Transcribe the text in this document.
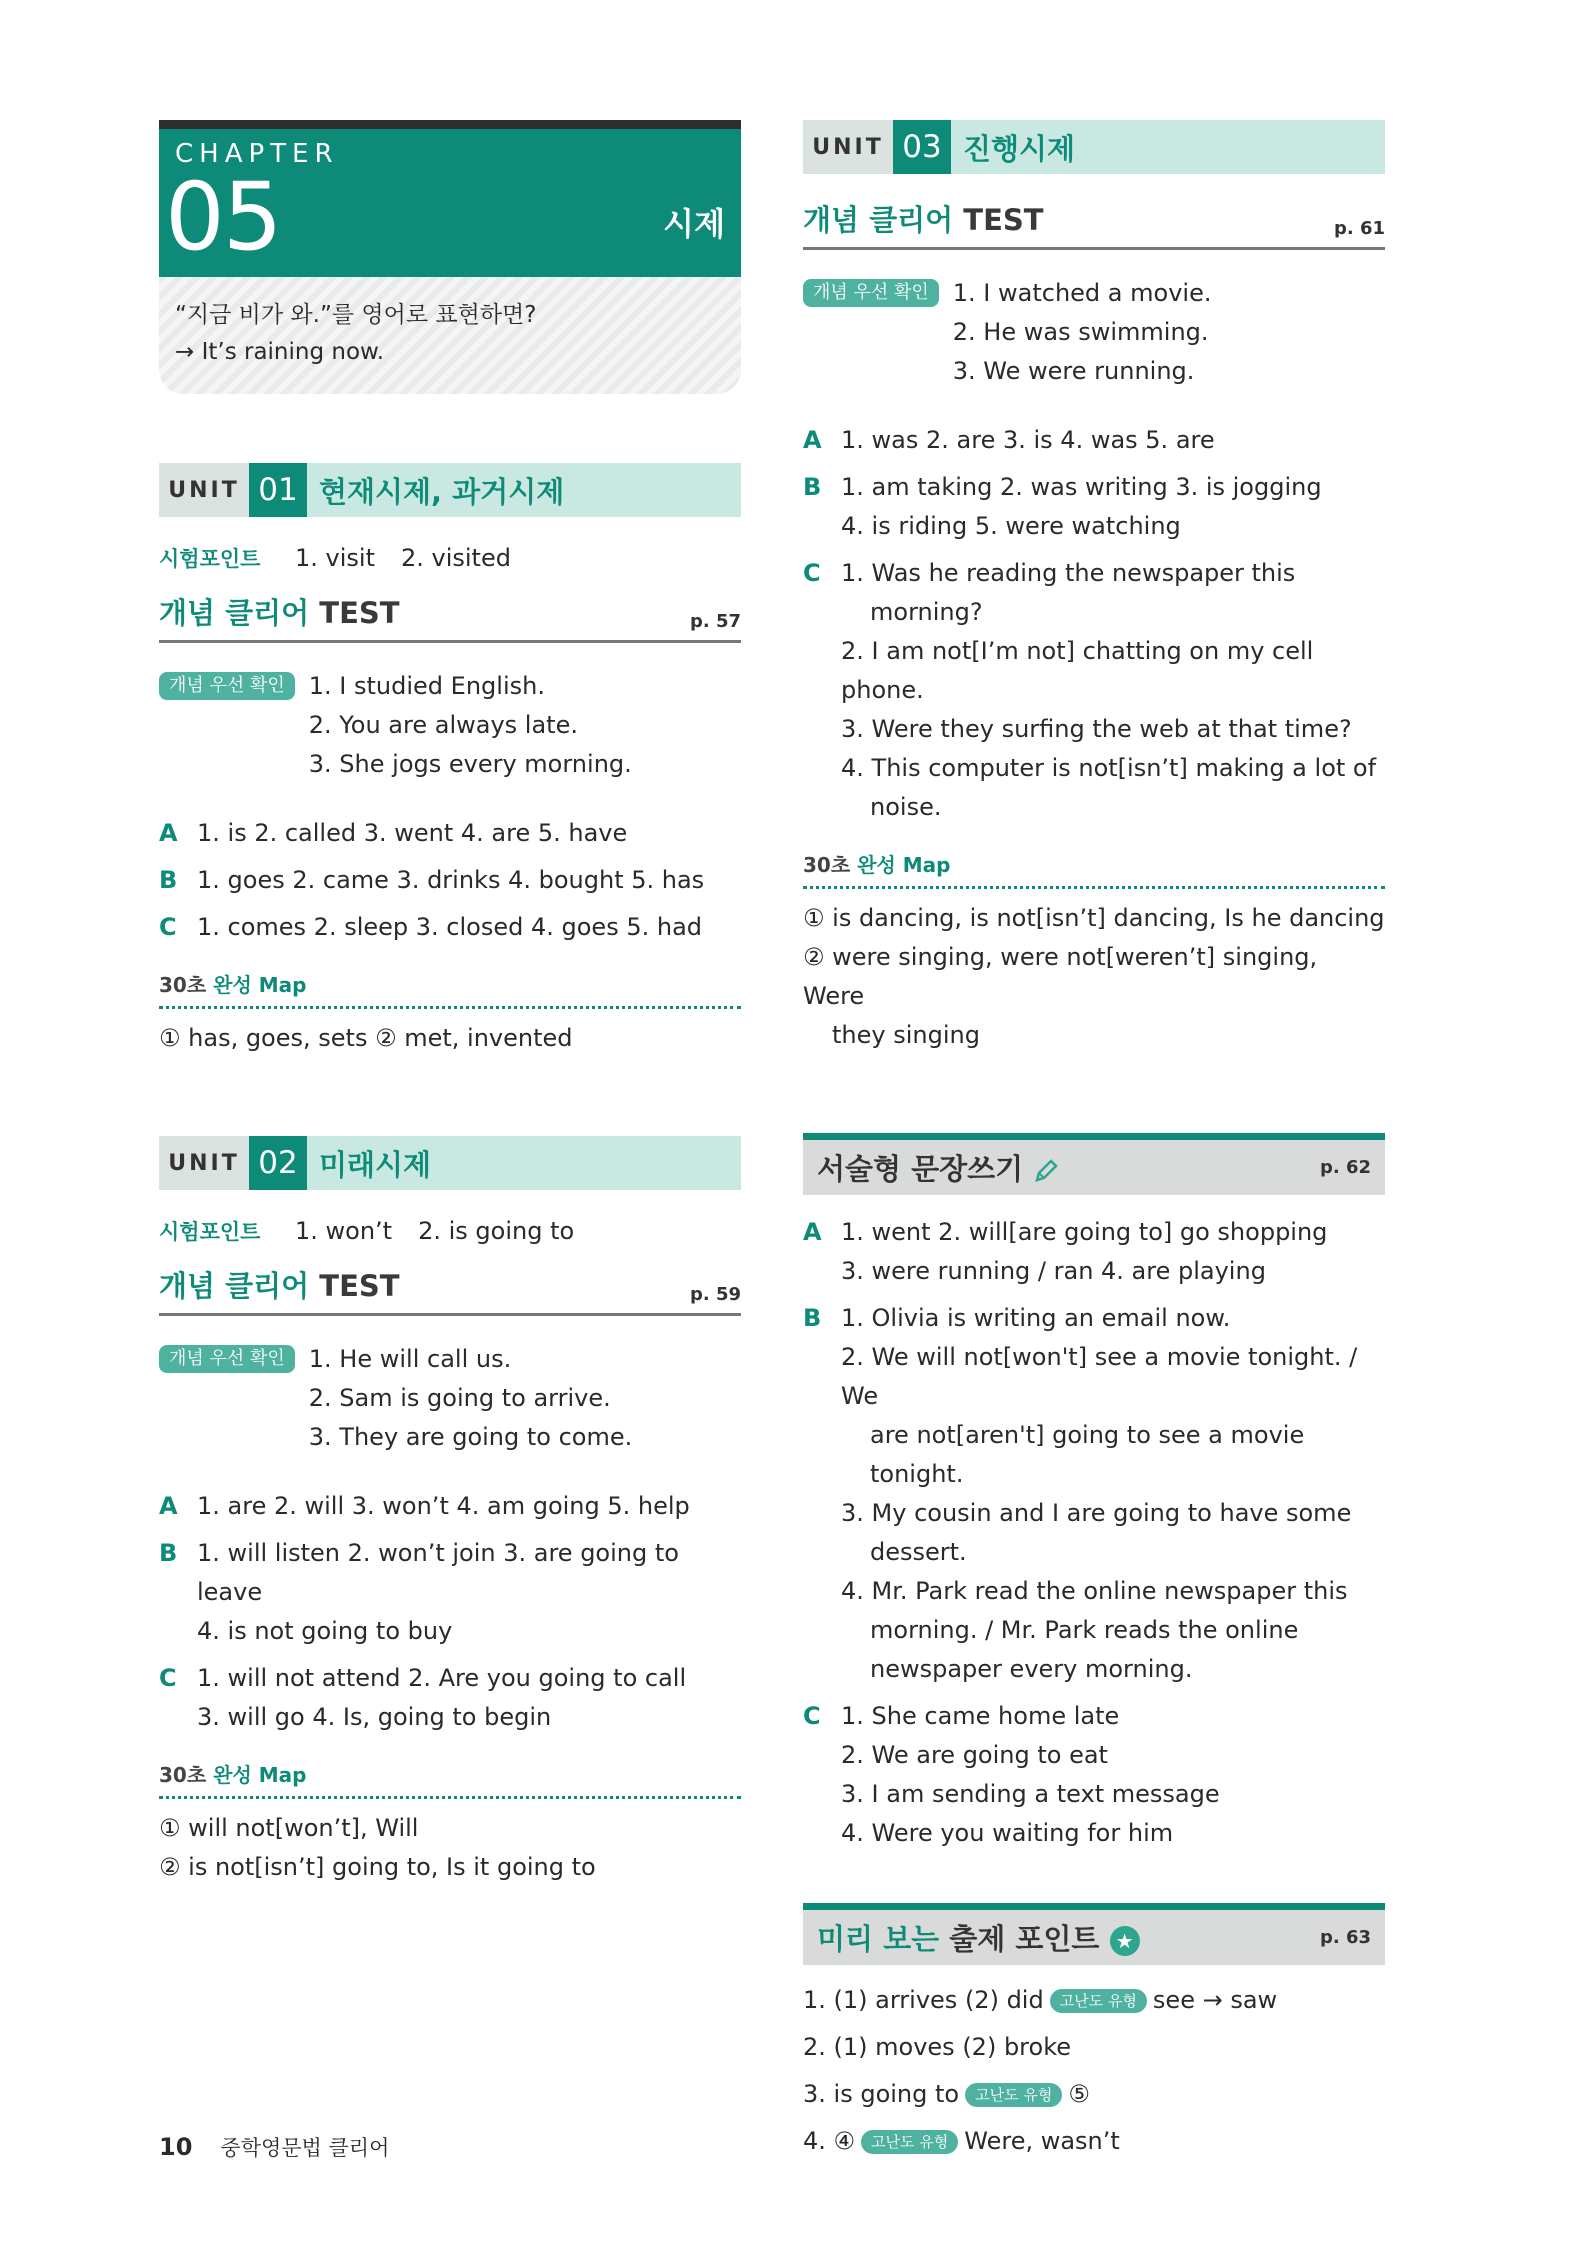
CHAPTER
05	시제
“지금 비가 와.”를 영어로 표현하면?
→ It’s raining now.
UNIT 01 현재시제, 과거시제
시험포인트	1. visit 2. visited
개념 클리어 TEST	p. 57
개념 우선 확인	1. I studied English.
2. You are always late.
3. She jogs every morning.
A 1. is 2. called 3. went 4. are 5. have
B 1. goes 2. came 3. drinks 4. bought 5. has
C 1. comes 2. sleep 3. closed 4. goes 5. had
30초 완성 Map
① has, goes, sets ② met, invented
UNIT 02 미래시제
시험포인트	1. won’t 2. is going to
개념 클리어 TEST	p. 59
개념 우선 확인	1. He will call us.
2. Sam is going to arrive.
3. They are going to come.
A 1. are 2. will 3. won’t 4. am going 5. help
B 1. will listen 2. won’t join 3. are going to leave
4. is not going to buy
C 1. will not attend 2. Are you going to call
3. will go 4. Is, going to begin
30초 완성 Map
① will not[won’t], Will
② is not[isn’t] going to, Is it going to
UNIT 03 진행시제
개념 클리어 TEST	p. 61
개념 우선 확인	1. I watched a movie.
2. He was swimming.
3. We were running.
A 1. was 2. are 3. is 4. was 5. are
B 1. am taking 2. was writing 3. is jogging
4. is riding 5. were watching
C 1. Was he reading the newspaper this
morning?
2. I am not[I’m not] chatting on my cell phone.
3. Were they surfing the web at that time?
4. This computer is not[isn’t] making a lot of
noise.
30초 완성 Map
① is dancing, is not[isn’t] dancing, Is he dancing
② were singing, were not[weren’t] singing, Were
they singing
서술형 문장쓰기	p. 62
A 1. went 2. will[are going to] go shopping
3. were running / ran 4. are playing
B 1. Olivia is writing an email now.
2. We will not[won't] see a movie tonight. / We
are not[aren't] going to see a movie tonight.
3. My cousin and I are going to have some
dessert.
4. Mr. Park read the online newspaper this
morning. / Mr. Park reads the online
newspaper every morning.
C 1. She came home late
2. We are going to eat
3. I am sending a text message
4. Were you waiting for him
미리 보는 출제 포인트 ★	p. 63
1. (1) arrives (2) did 고난도 유형 see → saw
2. (1) moves (2) broke
3. is going to 고난도 유형 ⑤
4. ④ 고난도 유형 Were, wasn’t
10 중학영문법 클리어
